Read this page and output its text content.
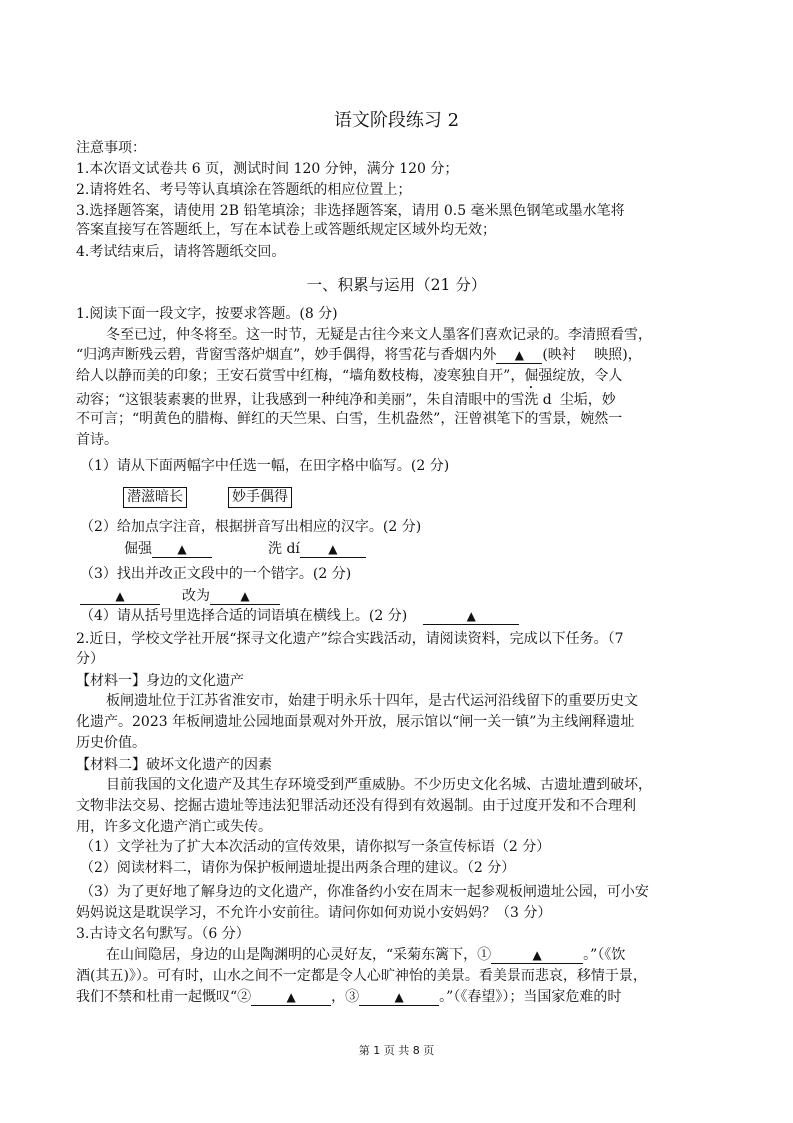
语文阶段练习 2
注意事项：
1.本次语文试卷共 6 页，测试时间 120 分钟，满分 120 分；
2.请将姓名、考号等认真填涂在答题纸的相应位置上；
3.选择题答案，请使用 2B 铅笔填涂；非选择题答案，请用 0.5 毫米黑色钢笔或墨水笔将
答案直接写在答题纸上，写在本试卷上或答题纸规定区域外均无效；
4.考试结束后，请将答题纸交回。
一、积累与运用（21 分）
1.阅读下面一段文字，按要求答题。(8 分)
冬至已过，仲冬将至。这一时节，无疑是古往今来文人墨客们喜欢记录的。李清照看雪，
“归鸿声断残云碧，背窗雪落炉烟直”，妙手偶得，将雪花与香烟内外 ▲ (映衬　 映照)，
给人以静而美的印象；王安石赏雪中红梅，“墙角数枝梅，凌寒独自开”，倔强绽放，令人
动容；“这银装素裹的世界，让我感到一种纯净和美丽”，朱自清眼中的雪洗 d 尘垢，妙
不可言；“明黄色的腊梅、鲜红的天竺果、白雪，生机盎然”，汪曾祺笔下的雪景，婉然一
首诗。
（1）请从下面两幅字中任选一幅，在田字格中临写。(2 分)
潜滋暗长	妙手偶得
（2）给加点字注音，根据拼音写出相应的汉字。(2 分)
倔强 ▲	洗 dí ▲
（3）找出并改正文段中的一个错字。(2 分)
▲	改为	▲
（4）请从括号里选择合适的词语填在横线上。(2 分)	▲
2.近日，学校文学社开展“探寻文化遗产”综合实践活动，请阅读资料，完成以下任务。（7
分）
【材料一】身边的文化遗产
板闸遗址位于江苏省淮安市，始建于明永乐十四年，是古代运河沿线留下的重要历史文
化遗产。2023 年板闸遗址公园地面景观对外开放，展示馆以“闸一关一镇”为主线阐释遗址
历史价值。
【材料二】破坏文化遗产的因素
目前我国的文化遗产及其生存环境受到严重威胁。不少历史文化名城、古遗址遭到破坏，
文物非法交易、挖掘古遗址等违法犯罪活动还没有得到有效遏制。由于过度开发和不合理利
用，许多文化遗产消亡或失传。
（1）文学社为了扩大本次活动的宣传效果，请你拟写一条宣传标语（2 分）
（2）阅读材料二，请你为保护板闸遗址提出两条合理的建议。（2 分）
（3）为了更好地了解身边的文化遗产，你准备约小安在周末一起参观板闸遗址公园，可小安
妈妈说这是耽误学习，不允许小安前往。请问你如何劝说小安妈妈？（3 分）
3.古诗文名句默写。（6 分）
在山间隐居，身边的山是陶渊明的心灵好友，“采菊东篱下，①	▲	。”（《饮
酒(其五)》）。可有时，山水之间不一定都是令人心旷神怡的美景。看美景而悲哀，移情于景，
我们不禁和杜甫一起慨叹“②	▲	，③	▲	。”（《春望》）；当国家危难的时
第 1 页 共 8 页
